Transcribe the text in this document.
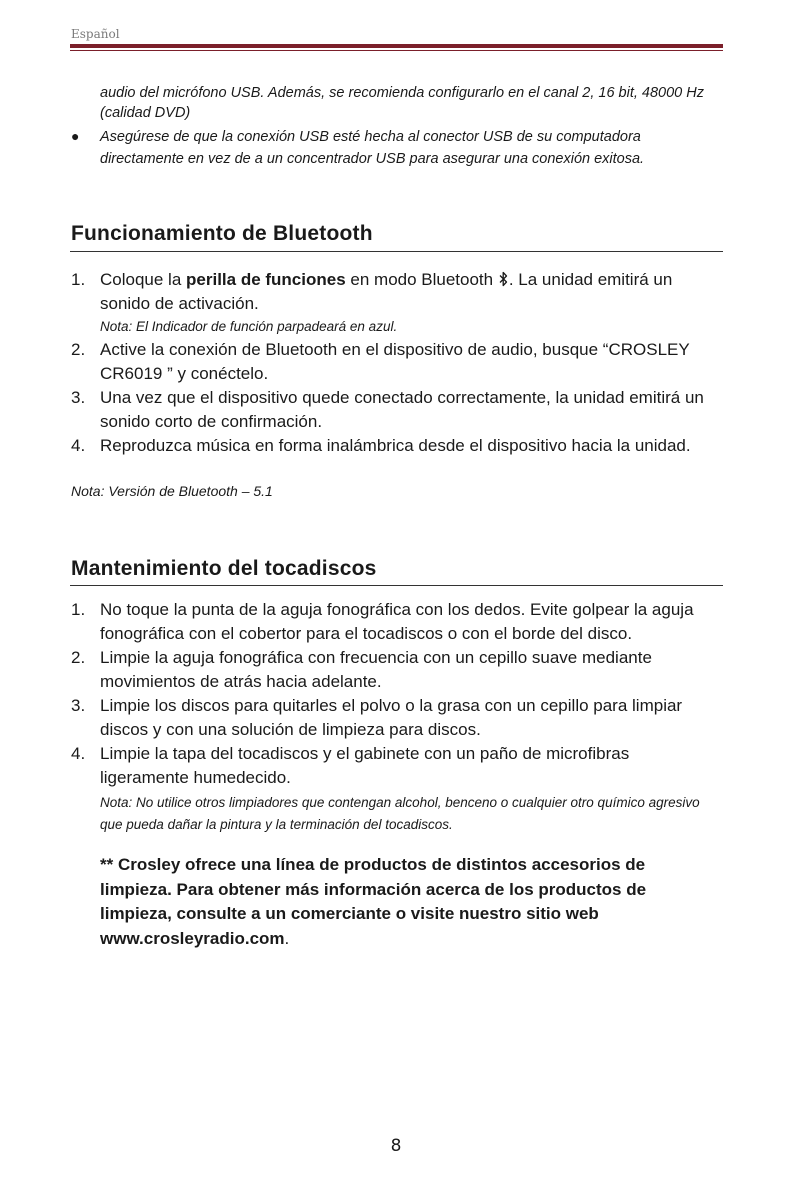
Español

audio del micrófono USB. Además, se recomienda configurarlo en el canal 2, 16 bit, 48000 Hz (calidad DVD)

●	Asegúrese de que la conexión USB esté hecha al conector USB de su computadora directamente en vez de a un concentrador USB para asegurar una conexión exitosa.
Funcionamiento de Bluetooth
1. Coloque la perilla de funciones en modo Bluetooth . La unidad emitirá un sonido de activación.
Nota: El Indicador de función parpadeará en azul.
2. Active la conexión de Bluetooth en el dispositivo de audio, busque “CROSLEY CR6019 ” y conéctelo.
3. Una vez que el dispositivo quede conectado correctamente, la unidad emitirá un sonido corto de confirmación.
4. Reproduzca música en forma inalámbrica desde el dispositivo hacia la unidad.

Nota: Versión de Bluetooth – 5.1

Mantenimiento del tocadiscos
1. No toque la punta de la aguja fonográfica con los dedos. Evite golpear la aguja fonográfica con el cobertor para el tocadiscos o con el borde del disco.
2. Limpie la aguja fonográfica con frecuencia con un cepillo suave mediante movimientos de atrás hacia adelante.
3. Limpie los discos para quitarles el polvo o la grasa con un cepillo para limpiar discos y con una solución de limpieza para discos.
4. Limpie la tapa del tocadiscos y el gabinete con un paño de microfibras ligeramente humedecido.
Nota: No utilice otros limpiadores que contengan alcohol, benceno o cualquier otro químico agresivo que pueda dañar la pintura y la terminación del tocadiscos.

** Crosley ofrece una línea de productos de distintos accesorios de limpieza. Para obtener más información acerca de los productos de limpieza, consulte a un comerciante o visite nuestro sitio web www.crosleyradio.com.

8
